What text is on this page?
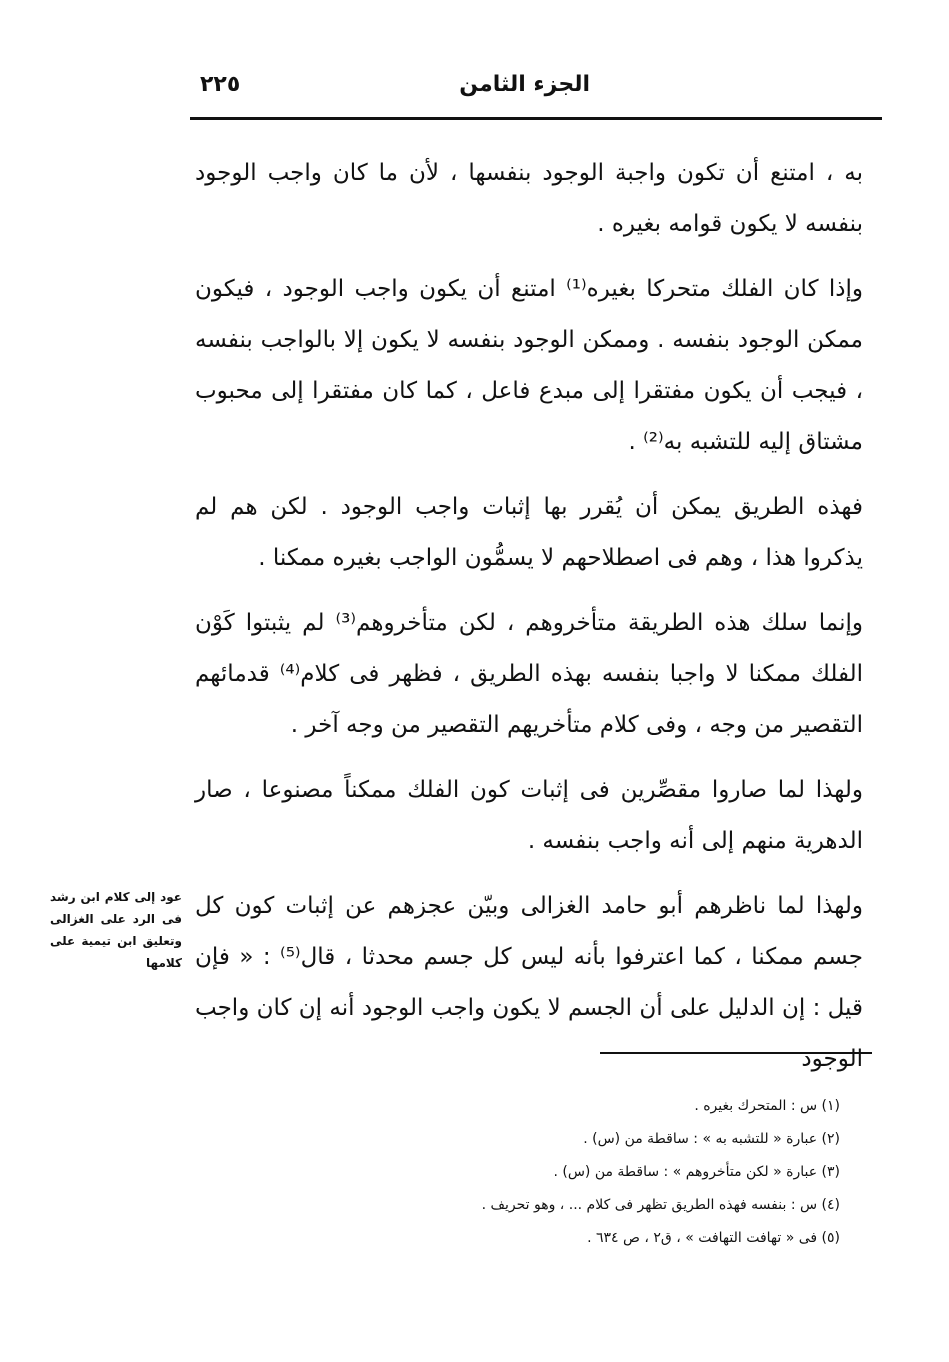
الجزء الثامن
٢٢٥

به ، امتنع أن تكون واجبة الوجود بنفسها ، لأن ما كان واجب الوجود بنفسه لا يكون قوامه بغيره .

وإذا كان الفلك متحركا بغيره⁽¹⁾ امتنع أن يكون واجب الوجود ، فيكون ممكن الوجود بنفسه . وممكن الوجود بنفسه لا يكون إلا بالواجب بنفسه ، فيجب أن يكون مفتقرا إلى مبدع فاعل ، كما كان مفتقرا إلى محبوب مشتاق إليه للتشبه به⁽²⁾ .

فهذه الطريق يمكن أن يُقرر بها إثبات واجب الوجود . لكن هم لم يذكروا هذا ، وهم فى اصطلاحهم لا يسمُّون الواجب بغيره ممكنا .

وإنما سلك هذه الطريقة متأخروهم ، لكن متأخروهم⁽³⁾ لم يثبتوا كَوْن الفلك ممكنا لا واجبا بنفسه بهذه الطريق ، فظهر فى كلام⁽⁴⁾ قدمائهم التقصير من وجه ، وفى كلام متأخريهم التقصير من وجه آخر .

ولهذا لما صاروا مقصِّرين فى إثبات كون الفلك ممكناً مصنوعا ، صار الدهرية منهم إلى أنه واجب بنفسه .

ولهذا لما ناظرهم أبو حامد الغزالى وبيّن عجزهم عن إثبات كون كل جسم ممكنا ، كما اعترفوا بأنه ليس كل جسم محدثا ، قال⁽⁵⁾ : « فإن قيل : إن الدليل على أن الجسم لا يكون واجب الوجود أنه إن كان واجب الوجود

عود إلى كلام ابن رشد فى الرد على الغزالى وتعليق ابن تيمية على كلامها
(١) س : المتحرك بغيره .
(٢) عبارة « للتشبه به » : ساقطة من (س) .
(٣) عبارة « لكن متأخروهم » : ساقطة من (س) .
(٤) س : بنفسه فهذه الطريق تظهر فى كلام ... ، وهو تحريف .
(٥) فى « تهافت التهافت » ، ق٢ ، ص ٦٣٤ .
